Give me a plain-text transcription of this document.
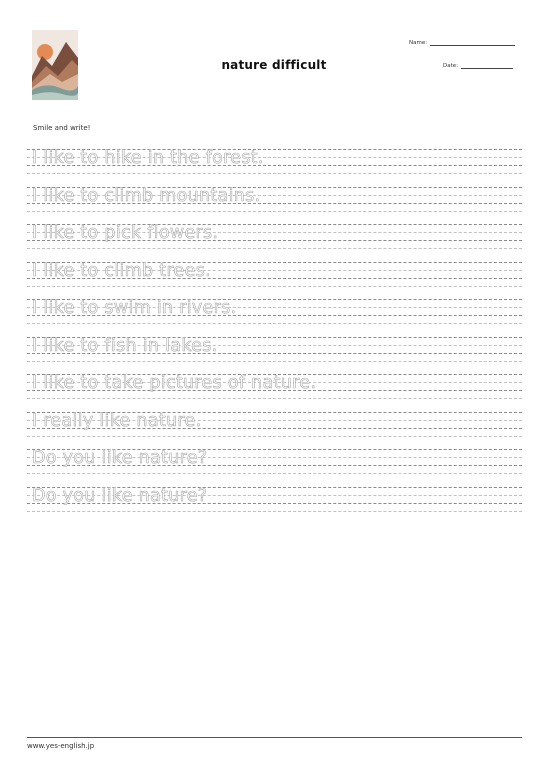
nature difficult
Name:
Date:
Smile and write!
I like to hike in the forest.
I like to climb mountains.
I like to pick flowers.
I like to climb trees.
I like to swim in rivers.
I like to fish in lakes.
I like to take pictures of nature.
I really like nature.
Do you like nature?
Do you like nature?
www.yes-english.jp
